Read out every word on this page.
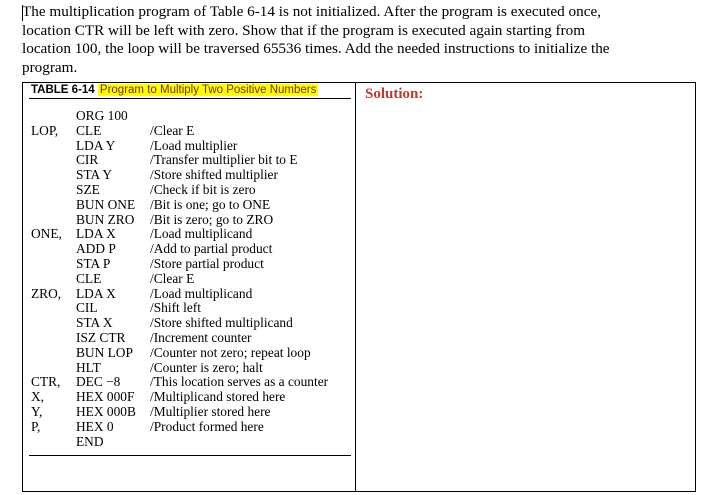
The multiplication program of Table 6-14 is not initialized. After the program is executed once,
location CTR will be left with zero. Show that if the program is executed again starting from
location 100, the loop will be traversed 65536 times. Add the needed instructions to initialize the
program.
TABLE 6-14 Program to Multiply Two Positive Numbers
ORG 100
LOP, CLE	/Clear E
LDA Y	/Load multiplier
CIR	/Transfer multiplier bit to E
STA Y	/Store shifted multiplier
SZE	/Check if bit is zero
BUN ONE /Bit is one; go to ONE
BUN ZRO /Bit is zero; go to ZRO
ONE, LDA X	/Load multiplicand
ADD P	/Add to partial product
STA P	/Store partial product
CLE	/Clear E
ZRO, LDA X	/Load multiplicand
CIL	/Shift left
STA X	/Store shifted multiplicand
ISZ CTR /Increment counter
BUN LOP /Counter not zero; repeat loop
HLT	/Counter is zero; halt
CTR, DEC −8 /This location serves as a counter
X, HEX 000F /Multiplicand stored here
Y,	HEX 000B /Multiplier stored here
P,	HEX 0	/Product formed here
END
Solution:
